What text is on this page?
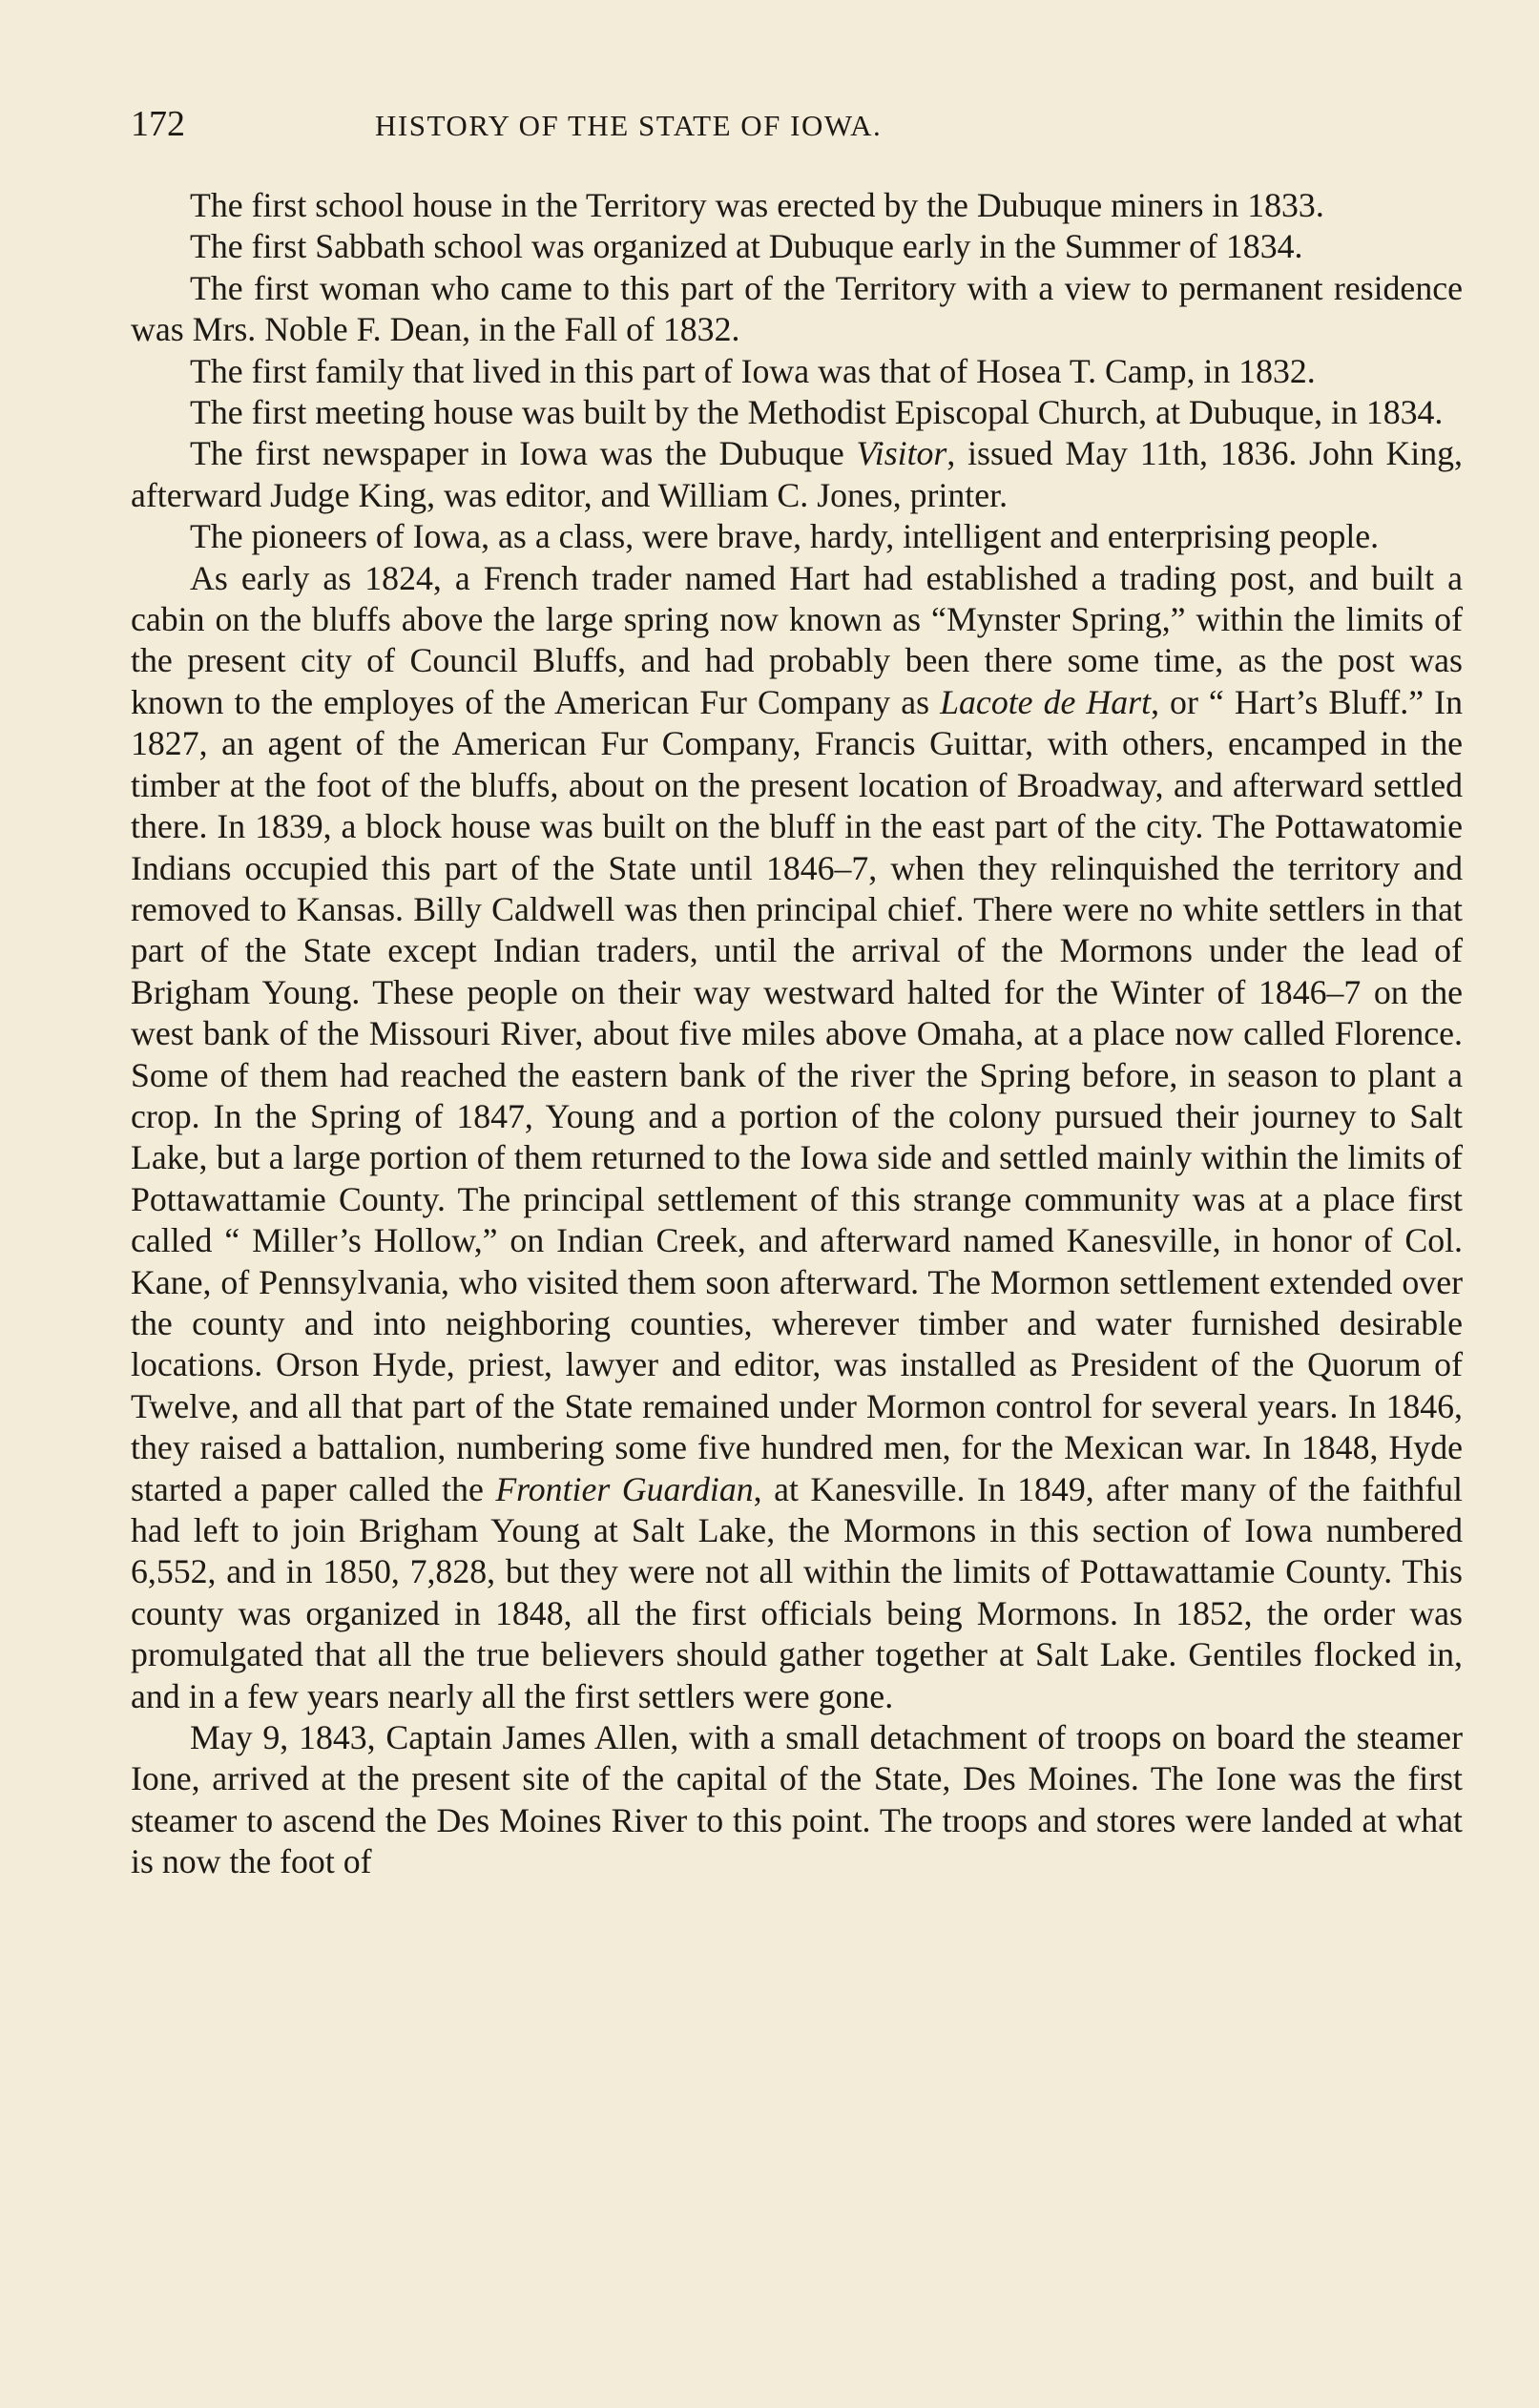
172	HISTORY OF THE STATE OF IOWA.

The first school house in the Territory was erected by the Dubuque miners in 1833.

The first Sabbath school was organized at Dubuque early in the Summer of 1834.

The first woman who came to this part of the Territory with a view to permanent residence was Mrs. Noble F. Dean, in the Fall of 1832.

The first family that lived in this part of Iowa was that of Hosea T. Camp, in 1832.

The first meeting house was built by the Methodist Episcopal Church, at Dubuque, in 1834.

The first newspaper in Iowa was the Dubuque Visitor, issued May 11th, 1836. John King, afterward Judge King, was editor, and William C. Jones, printer.

The pioneers of Iowa, as a class, were brave, hardy, intelligent and enterprising people.

As early as 1824, a French trader named Hart had established a trading post, and built a cabin on the bluffs above the large spring now known as “Mynster Spring,” within the limits of the present city of Council Bluffs, and had probably been there some time, as the post was known to the employes of the American Fur Company as Lacote de Hart, or “ Hart’s Bluff.” In 1827, an agent of the American Fur Company, Francis Guittar, with others, encamped in the timber at the foot of the bluffs, about on the present location of Broadway, and afterward settled there. In 1839, a block house was built on the bluff in the east part of the city. The Pottawatomie Indians occupied this part of the State until 1846–7, when they relinquished the territory and removed to Kansas. Billy Caldwell was then principal chief. There were no white settlers in that part of the State except Indian traders, until the arrival of the Mormons under the lead of Brigham Young. These people on their way westward halted for the Winter of 1846–7 on the west bank of the Missouri River, about five miles above Omaha, at a place now called Florence. Some of them had reached the eastern bank of the river the Spring before, in season to plant a crop. In the Spring of 1847, Young and a portion of the colony pursued their journey to Salt Lake, but a large portion of them returned to the Iowa side and settled mainly within the limits of Pottawattamie County. The principal settlement of this strange community was at a place first called “ Miller’s Hollow,” on Indian Creek, and afterward named Kanesville, in honor of Col. Kane, of Pennsylvania, who visited them soon afterward. The Mormon settlement extended over the county and into neighboring counties, wherever timber and water furnished desirable locations. Orson Hyde, priest, lawyer and editor, was installed as President of the Quorum of Twelve, and all that part of the State remained under Mormon control for several years. In 1846, they raised a battalion, numbering some five hundred men, for the Mexican war. In 1848, Hyde started a paper called the Frontier Guardian, at Kanesville. In 1849, after many of the faithful had left to join Brigham Young at Salt Lake, the Mormons in this section of Iowa numbered 6,552, and in 1850, 7,828, but they were not all within the limits of Pottawattamie County. This county was organized in 1848, all the first officials being Mormons. In 1852, the order was promulgated that all the true believers should gather together at Salt Lake. Gentiles flocked in, and in a few years nearly all the first settlers were gone.

May 9, 1843, Captain James Allen, with a small detachment of troops on board the steamer Ione, arrived at the present site of the capital of the State, Des Moines. The Ione was the first steamer to ascend the Des Moines River to this point. The troops and stores were landed at what is now the foot of
